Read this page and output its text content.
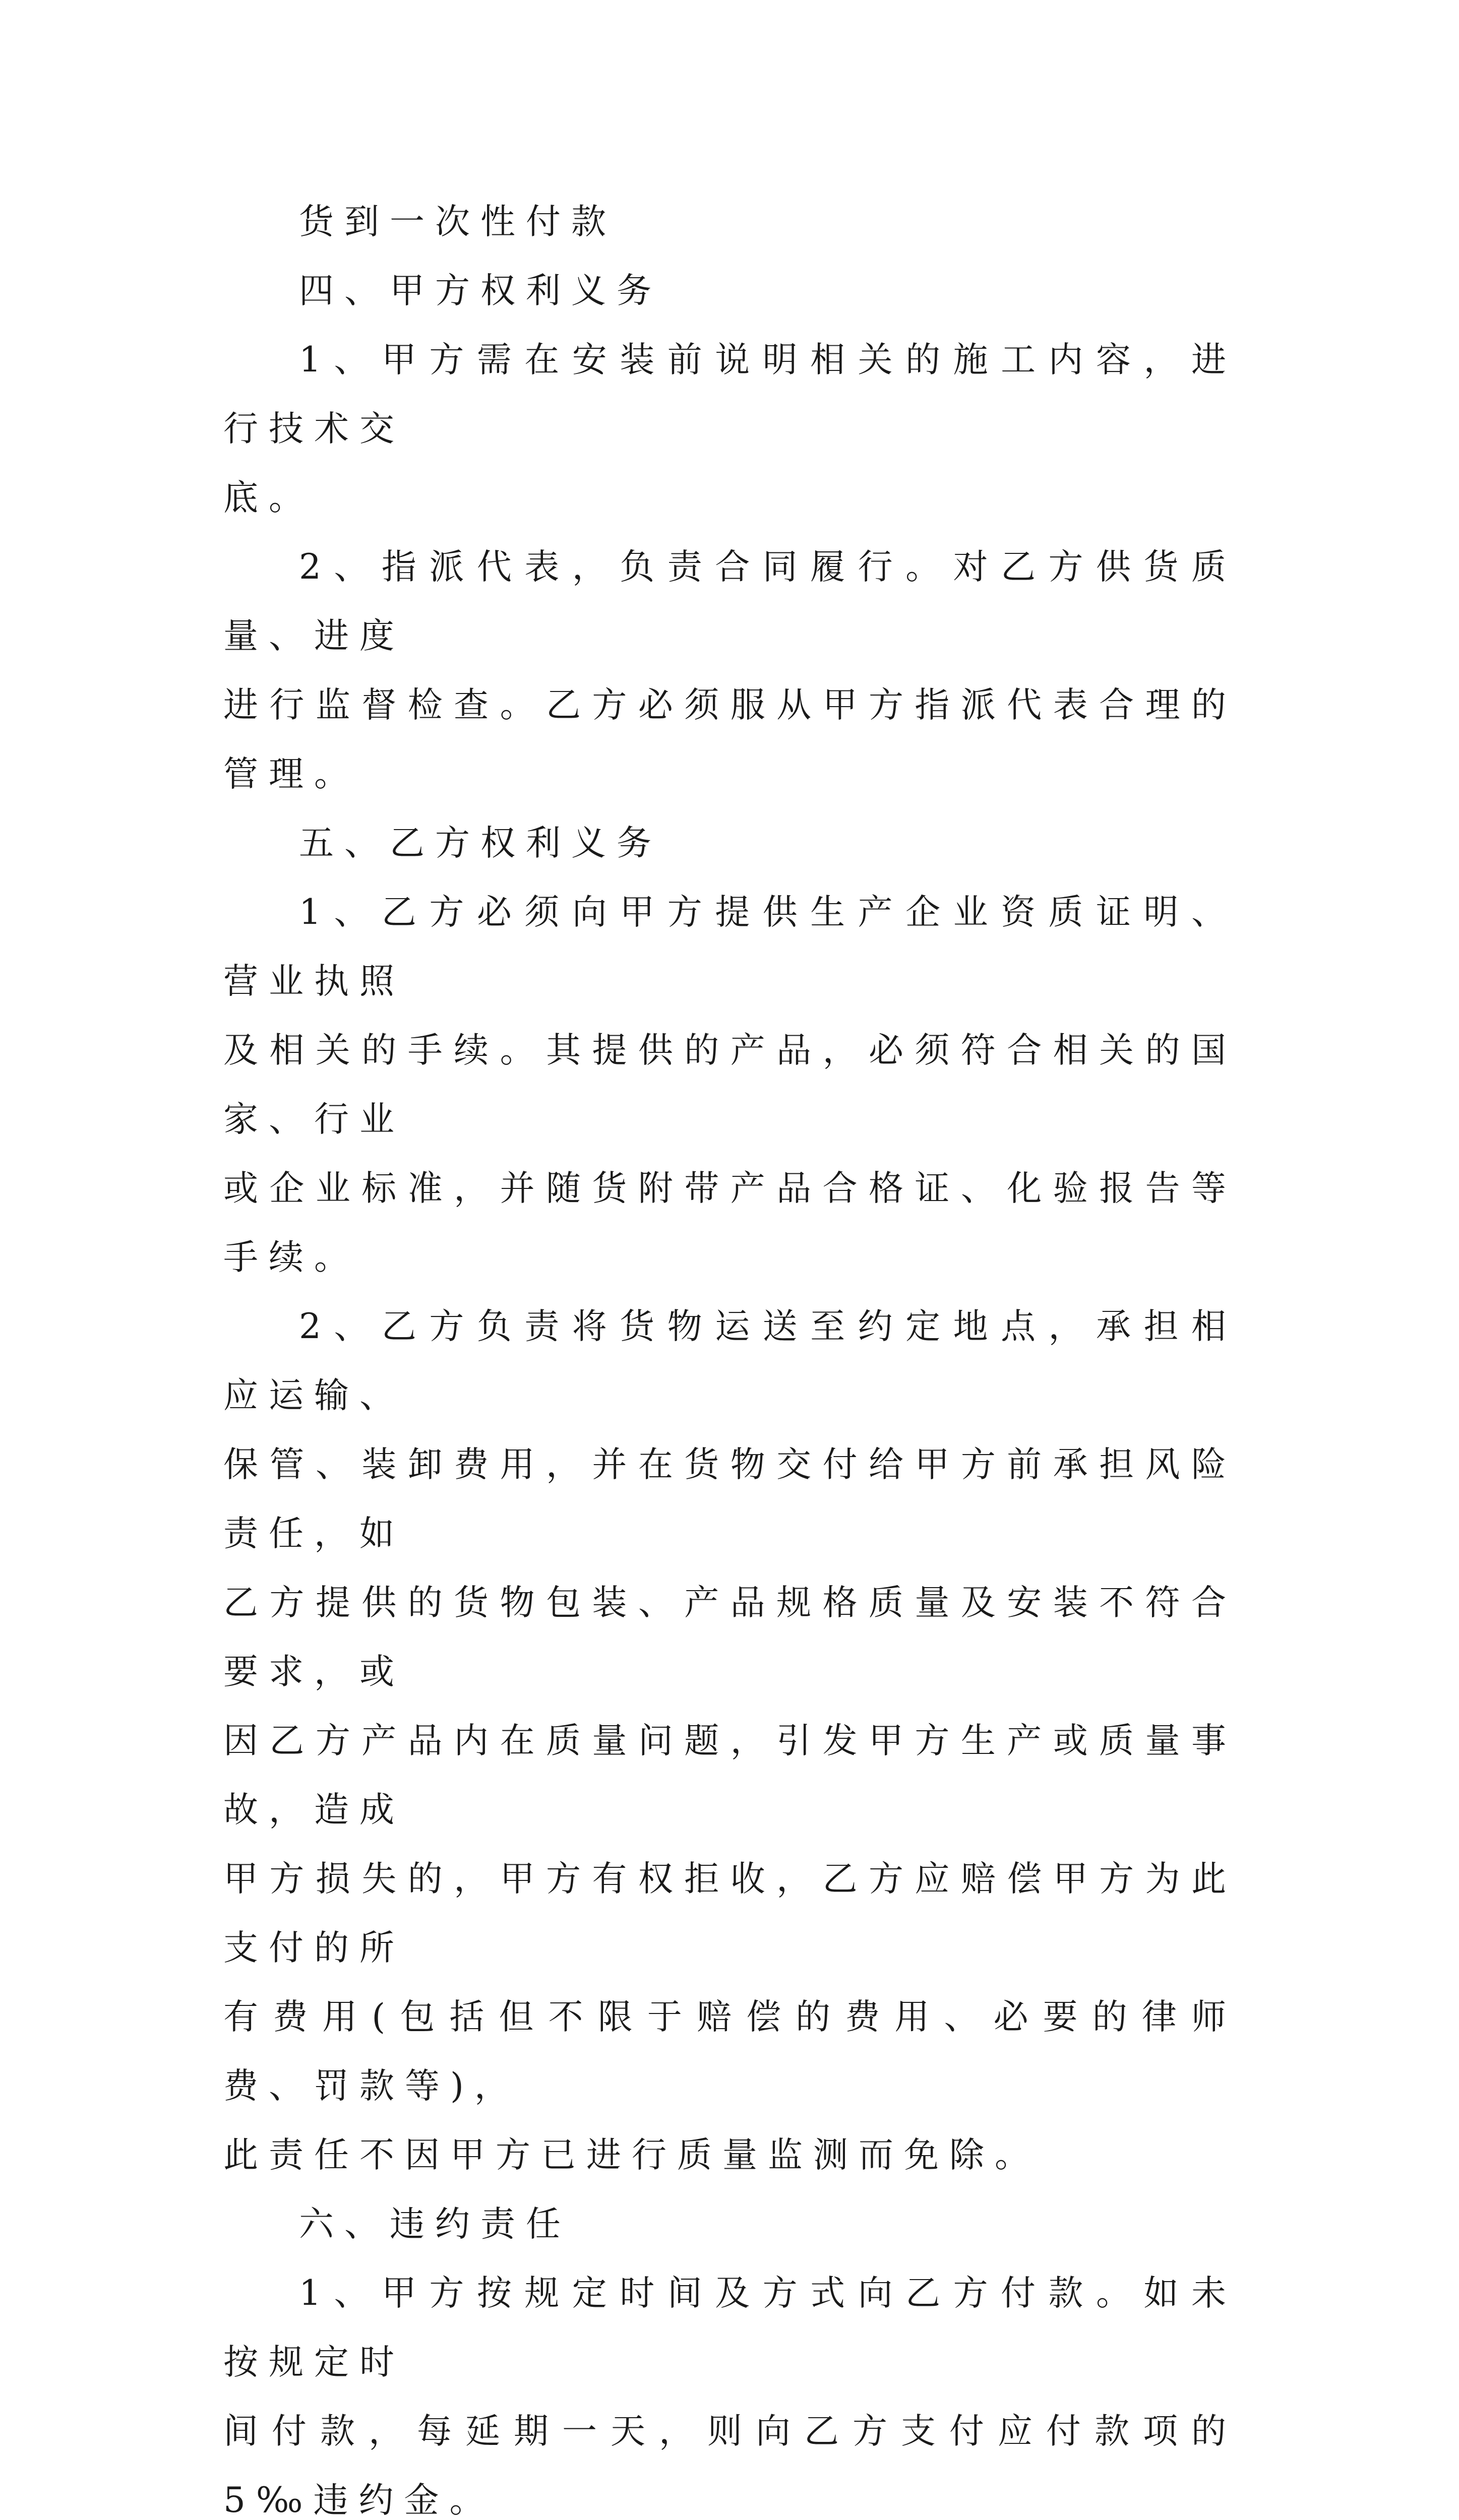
货到一次性付款

四、甲方权利义务

1、甲方需在安装前说明相关的施工内容，进行技术交
底。

2、指派代表，负责合同履行。对乙方供货质量、进度
进行监督检查。乙方必须服从甲方指派代表合理的管理。

五、乙方权利义务

1、乙方必须向甲方提供生产企业资质证明、营业执照
及相关的手续。其提供的产品，必须符合相关的国家、行业
或企业标准，并随货附带产品合格证、化验报告等手续。

2、乙方负责将货物运送至约定地点，承担相应运输、
保管、装卸费用，并在货物交付给甲方前承担风险责任，如
乙方提供的货物包装、产品规格质量及安装不符合要求，或
因乙方产品内在质量问题，引发甲方生产或质量事故，造成
甲方损失的，甲方有权拒收，乙方应赔偿甲方为此支付的所
有费用(包括但不限于赔偿的费用、必要的律师费、罚款等)，
此责任不因甲方已进行质量监测而免除。

六、违约责任

1、甲方按规定时间及方式向乙方付款。如未按规定时
间付款，每延期一天，则向乙方支付应付款项的5‰违约金。
